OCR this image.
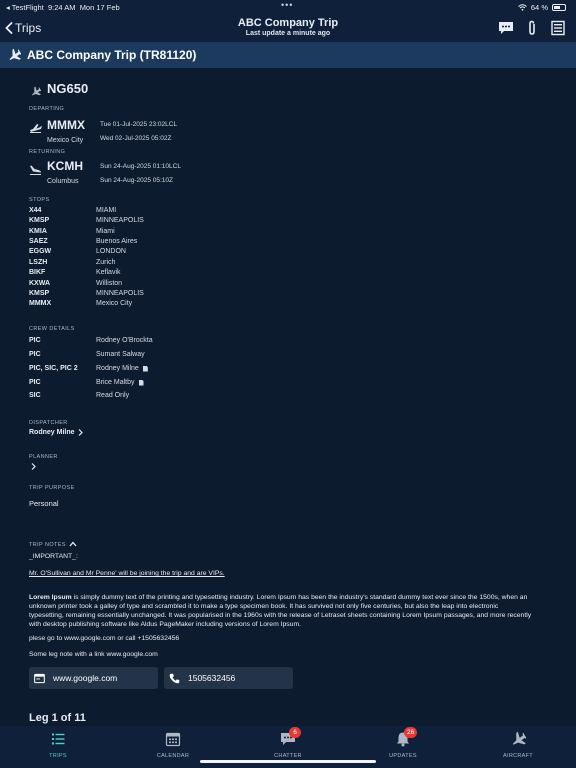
◂ TestFlight 9:24 AM Mon 17 Feb	•••	64 %
Trips	ABC Company Trip
Last update a minute ago
ABC Company Trip (TR81120)
NG650
DEPARTING
MMMX
Mexico City
Tue 01-Jul-2025 23:02LCL
Wed 02-Jul-2025 05:02Z
RETURNING
KCMH
Columbus
Sun 24-Aug-2025 01:10LCL
Sun 24-Aug-2025 05:10Z
STOPS
X44	MIAMI
KMSP	MINNEAPOLIS
KMIA	Miami
SAEZ	Buenos Aires
EGGW	LONDON
LSZH	Zurich
BIKF	Keflavik
KXWA	Williston
KMSP	MINNEAPOLIS
MMMX	Mexico City
CREW DETAILS
PIC	Rodney O'Brockta
PIC	Sumant Salway
PIC, SIC, PIC 2	Rodney Milne
PIC	Brice Maltby
SIC	Read Only
DISPATCHER
Rodney Milne
PLANNER
TRIP PURPOSE
Personal
TRIP NOTES
_IMPORTANT_:
Mr. O'Sullivan and Mr Penne' will be joining the trip and are VIPs.
Lorem Ipsum is simply dummy text of the printing and typesetting industry. Lorem Ipsum has been the industry's standard dummy text ever since the 1500s, when an
unknown printer took a galley of type and scrambled it to make a type specimen book. It has survived not only five centuries, but also the leap into electronic
typesetting, remaining essentially unchanged. It was popularised in the 1960s with the release of Letraset sheets containing Lorem Ipsum passages, and more recently
with desktop publishing software like Aldus PageMaker including versions of Lorem Ipsum.
plese go to www.google.com or call +1505632456
Some leg note with a link www.google.com
www.google.com	1505632456
Leg 1 of 11
TRIPS	CALENDAR
6
CHATTER
26
UPDATES	AIRCRAFT
